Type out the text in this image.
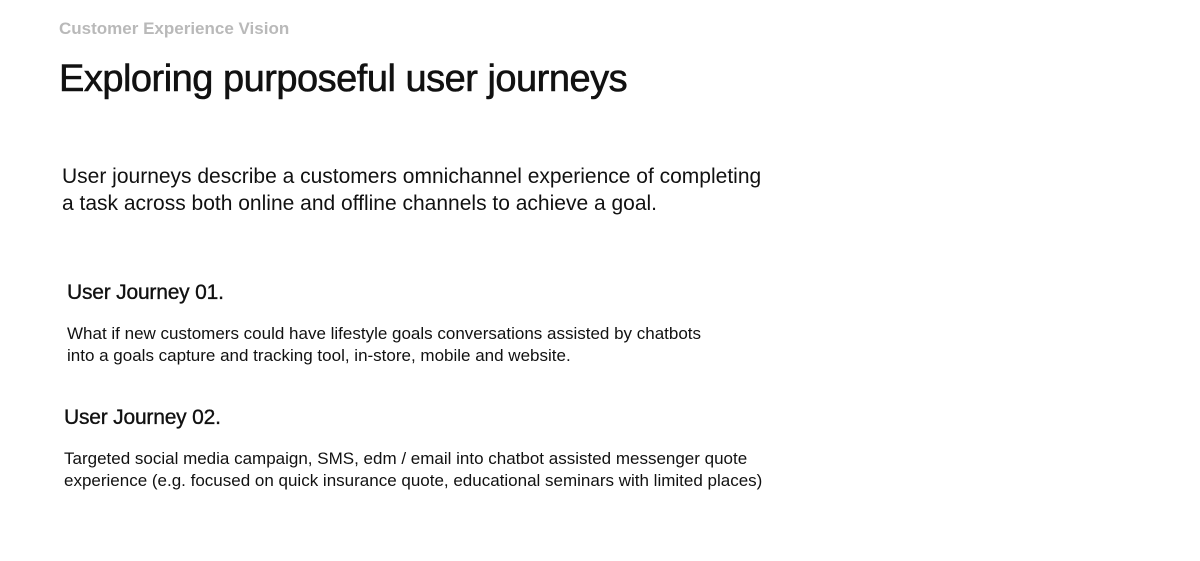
Customer Experience Vision
Exploring purposeful user journeys

User journeys describe a customers omnichannel experience of completing
a task across both online and offline channels to achieve a goal.

User Journey 01.

What if new customers could have lifestyle goals conversations assisted by chatbots
into a goals capture and tracking tool, in-store, mobile and website.

User Journey 02.

Targeted social media campaign, SMS, edm / email into chatbot assisted messenger quote
experience (e.g. focused on quick insurance quote, educational seminars with limited places)
